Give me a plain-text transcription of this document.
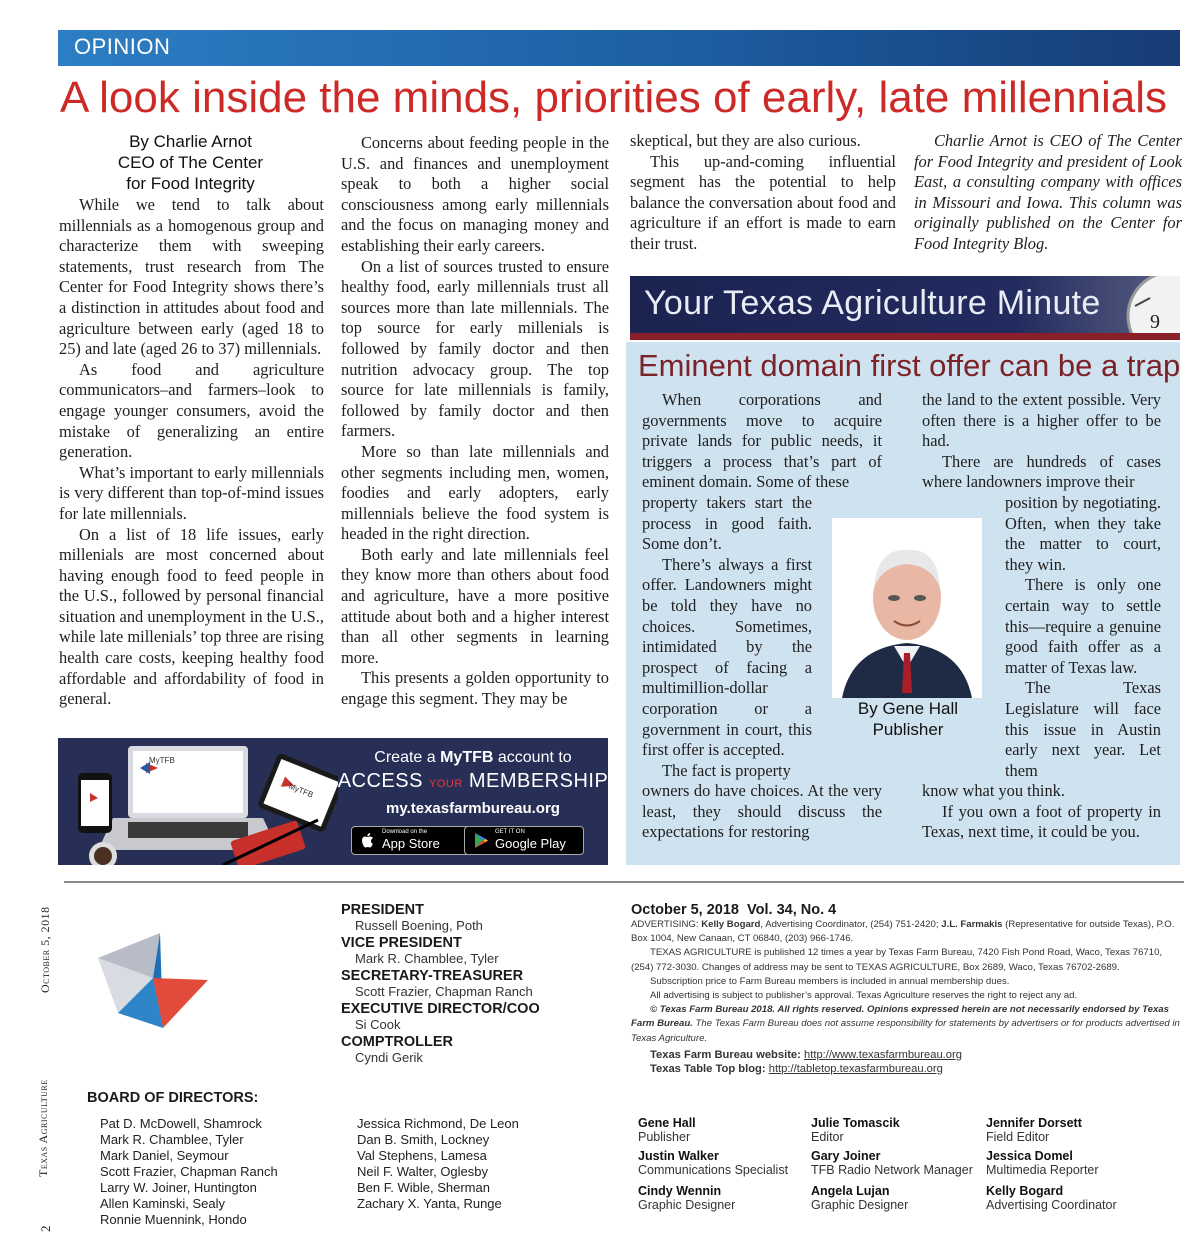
OPINION
A look inside the minds, priorities of early, late millennials
By Charlie Arnot
CEO of The Center
for Food Integrity

While we tend to talk about millennials as a homogenous group and characterize them with sweeping statements, trust research from The Center for Food Integrity shows there’s a distinction in attitudes about food and agriculture between early (aged 18 to 25) and late (aged 26 to 37) millennials.

As food and agriculture communicators–and farmers–look to engage younger consumers, avoid the mistake of generalizing an entire generation.

What’s important to early millennials is very different than top-of-mind issues for late millennials.

On a list of 18 life issues, early millenials are most concerned about having enough food to feed people in the U.S., followed by personal financial situation and unemployment in the U.S., while late millenials’ top three are rising health care costs, keeping healthy food affordable and affordability of food in general.

Concerns about feeding people in the U.S. and finances and unemployment speak to both a higher social consciousness among early millennials and the focus on managing money and establishing their early careers.

On a list of sources trusted to ensure healthy food, early millennials trust all sources more than late millennials. The top source for early millenials is followed by family doctor and then nutrition advocacy group. The top source for late millennials is family, followed by family doctor and then farmers.

More so than late millennials and other segments including men, women, foodies and early adopters, early millennials believe the food system is headed in the right direction.

Both early and late millennials feel they know more than others about food and agriculture, have a more positive attitude about both and a higher interest than all other segments in learning more.

This presents a golden opportunity to engage this segment. They may be

skeptical, but they are also curious.

This up-and-coming influential segment has the potential to help balance the conversation about food and agriculture if an effort is made to earn their trust.

Charlie Arnot is CEO of The Center for Food Integrity and president of Look East, a consulting company with offices in Missouri and Iowa. This column was originally published on the Center for Food Integrity Blog.

MyTFB
MyTFB
Create a MyTFB account to
ACCESS YOUR MEMBERSHIP
my.texasfarmbureau.org
Download on the
App Store
GET IT ON
Google Play
Your Texas Agriculture Minute 9
Eminent domain first offer can be a trap

When corporations and governments move to acquire private lands for public needs, it triggers a process that’s part of eminent domain. Some of these

property takers start the process in good faith. Some don’t.

There’s always a first offer. Landowners might be told they have no choices. Sometimes, intimidated by the prospect of facing a multimillion-dollar corporation or a government in court, this first offer is accepted.

The fact is property

owners do have choices. At the very least, they should discuss the expectations for restoring

the land to the extent possible. Very often there is a higher offer to be had.

There are hundreds of cases where landowners improve their

position by negotiating. Often, when they take the matter to court, they win.

There is only one certain way to settle this—require a genuine good faith offer as a matter of Texas law.

The Texas Legislature will face this issue in Austin early next year. Let them

know what you think.

If you own a foot of property in Texas, next time, it could be you.

By Gene Hall
Publisher
October 5, 2018
Texas Agriculture
2
PRESIDENT
Russell Boening, Poth
VICE PRESIDENT
Mark R. Chamblee, Tyler
SECRETARY-TREASURER
Scott Frazier, Chapman Ranch
EXECUTIVE DIRECTOR/COO
Si Cook
COMPTROLLER
Cyndi Gerik
BOARD OF DIRECTORS:
Pat D. McDowell, Shamrock
Mark R. Chamblee, Tyler
Mark Daniel, Seymour
Scott Frazier, Chapman Ranch
Larry W. Joiner, Huntington
Allen Kaminski, Sealy
Ronnie Muennink, Hondo
Jessica Richmond, De Leon
Dan B. Smith, Lockney
Val Stephens, Lamesa
Neil F. Walter, Oglesby
Ben F. Wible, Sherman
Zachary X. Yanta, Runge
October 5, 2018  Vol. 34, No. 4
ADVERTISING: Kelly Bogard, Advertising Coordinator, (254) 751-2420; J.L. Farmakis (Representative for outside Texas), P.O. Box 1004, New Canaan, CT 06840, (203) 966-1746.
TEXAS AGRICULTURE is published 12 times a year by Texas Farm Bureau, 7420 Fish Pond Road, Waco, Texas 76710, (254) 772-3030. Changes of address may be sent to TEXAS AGRICULTURE, Box 2689, Waco, Texas 76702-2689.
Subscription price to Farm Bureau members is included in annual membership dues.
All advertising is subject to publisher’s approval. Texas Agriculture reserves the right to reject any ad.
© Texas Farm Bureau 2018. All rights reserved. Opinions expressed herein are not necessarily endorsed by Texas Farm Bureau. The Texas Farm Bureau does not assume responsibility for statements by advertisers or for products advertised in Texas Agriculture.
Texas Farm Bureau website: http://www.texasfarmbureau.org
Texas Table Top blog: http://tabletop.texasfarmbureau.org
Gene Hall
Publisher
Julie Tomascik
Editor
Jennifer Dorsett
Field Editor
Justin Walker
Communications Specialist
Gary Joiner
TFB Radio Network Manager
Jessica Domel
Multimedia Reporter
Cindy Wennin
Graphic Designer
Angela Lujan
Graphic Designer
Kelly Bogard
Advertising Coordinator
